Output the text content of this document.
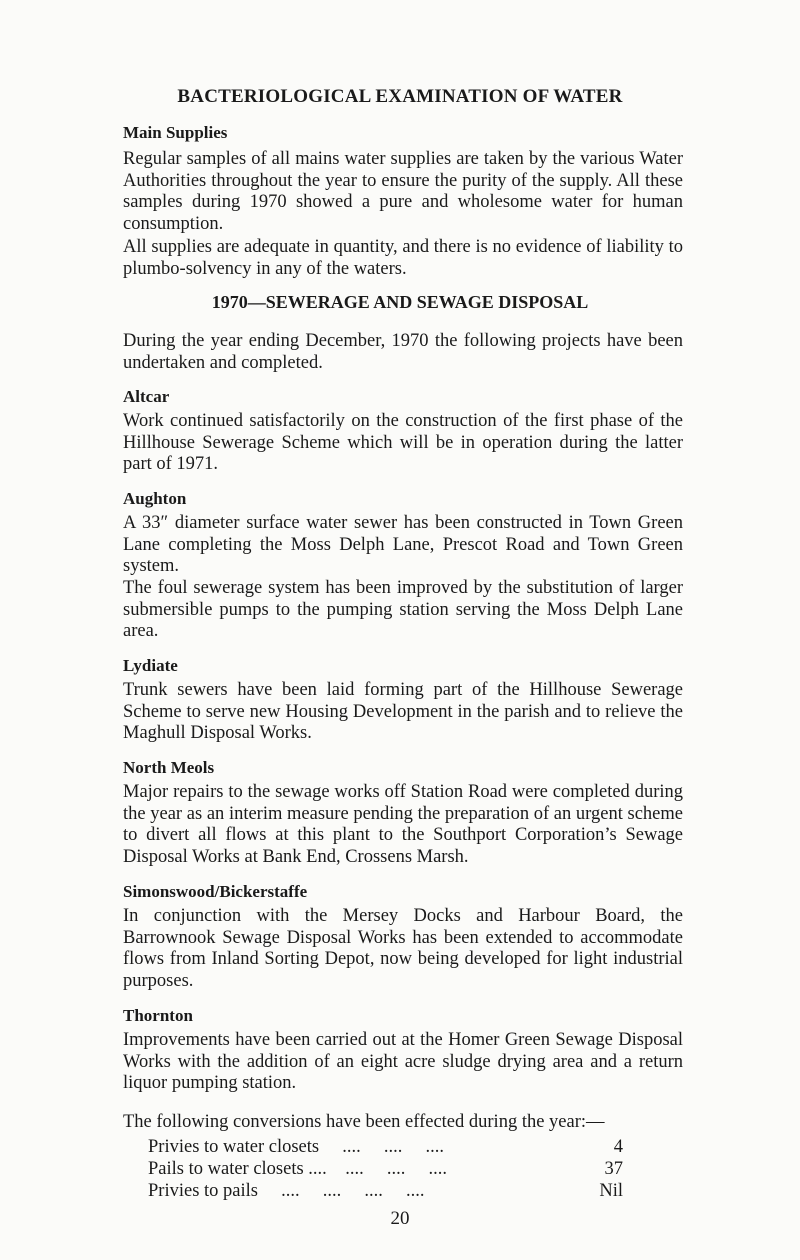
BACTERIOLOGICAL EXAMINATION OF WATER
Main Supplies
Regular samples of all mains water supplies are taken by the various Water Authorities throughout the year to ensure the purity of the supply. All these samples during 1970 showed a pure and wholesome water for human consumption.
All supplies are adequate in quantity, and there is no evidence of liability to plumbo-solvency in any of the waters.
1970—SEWERAGE AND SEWAGE DISPOSAL
During the year ending December, 1970 the following projects have been undertaken and completed.
Altcar
Work continued satisfactorily on the construction of the first phase of the Hillhouse Sewerage Scheme which will be in operation during the latter part of 1971.
Aughton
A 33″ diameter surface water sewer has been constructed in Town Green Lane completing the Moss Delph Lane, Prescot Road and Town Green system.
The foul sewerage system has been improved by the substitution of larger submersible pumps to the pumping station serving the Moss Delph Lane area.
Lydiate
Trunk sewers have been laid forming part of the Hillhouse Sewerage Scheme to serve new Housing Development in the parish and to relieve the Maghull Disposal Works.
North Meols
Major repairs to the sewage works off Station Road were completed during the year as an interim measure pending the preparation of an urgent scheme to divert all flows at this plant to the Southport Corporation’s Sewage Disposal Works at Bank End, Crossens Marsh.
Simonswood/Bickerstaffe
In conjunction with the Mersey Docks and Harbour Board, the Barrownook Sewage Disposal Works has been extended to accommodate flows from Inland Sorting Depot, now being developed for light industrial purposes.
Thornton
Improvements have been carried out at the Homer Green Sewage Disposal Works with the addition of an eight acre sludge drying area and a return liquor pumping station.
The following conversions have been effected during the year:—
Privies to water closets     ....     ....     ....	4
Pails to water closets ....    ....     ....     ....	37
Privies to pails     ....     ....     ....     ....	Nil
20
